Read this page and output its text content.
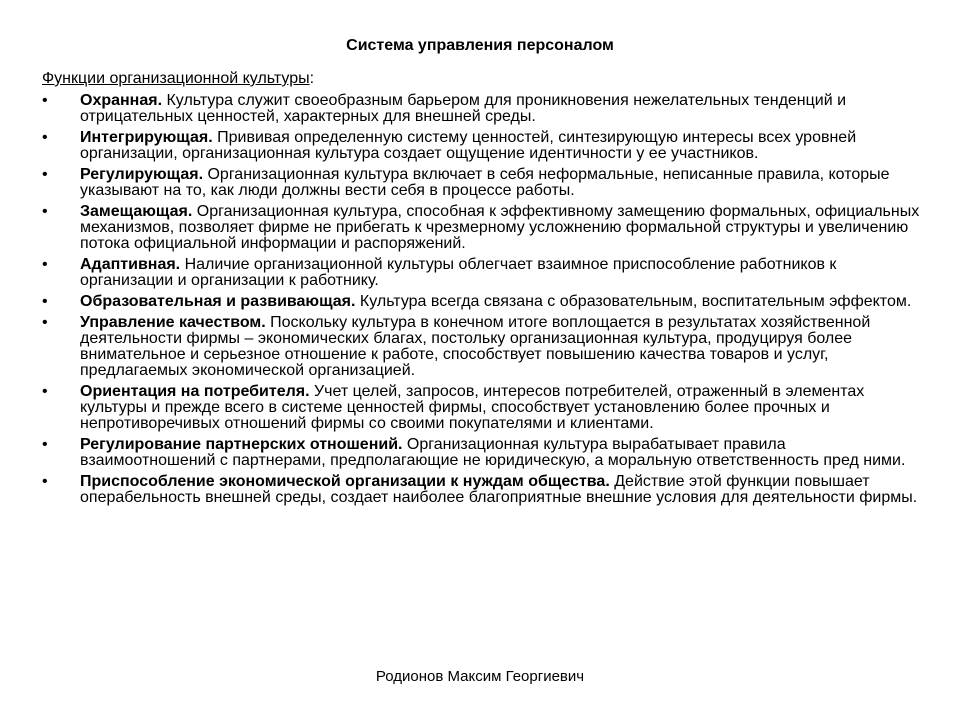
Система управления персоналом
Функции организационной культуры:
• Охранная. Культура служит своеобразным барьером для проникновения нежелательных тенденций и отрицательных ценностей, характерных для внешней среды.
• Интегрирующая. Прививая определенную систему ценностей, синтезирующую интересы всех уровней организации, организационная культура создает ощущение идентичности у ее участников.
• Регулирующая. Организационная культура включает в себя неформальные, неписанные правила, которые указывают на то, как люди должны вести себя в процессе работы.
• Замещающая. Организационная культура, способная к эффективному замещению формальных, официальных механизмов, позволяет фирме не прибегать к чрезмерному усложнению формальной структуры и увеличению потока официальной информации и распоряжений.
• Адаптивная. Наличие организационной культуры облегчает взаимное приспособление работников к организации и организации к работнику.
• Образовательная и развивающая. Культура всегда связана с образовательным, воспитательным эффектом.
• Управление качеством. Поскольку культура в конечном итоге воплощается в результатах хозяйственной деятельности фирмы – экономических благах, постольку организационная культура, продуцируя более внимательное и серьезное отношение к работе, способствует повышению качества товаров и услуг, предлагаемых экономической организацией.
• Ориентация на потребителя. Учет целей, запросов, интересов потребителей, отраженный в элементах культуры и прежде всего в системе ценностей фирмы, способствует установлению более прочных и непротиворечивых отношений фирмы со своими покупателями и клиентами.
• Регулирование партнерских отношений. Организационная культура вырабатывает правила взаимоотношений с партнерами, предполагающие не юридическую, а моральную ответственность пред ними.
• Приспособление экономической организации к нуждам общества. Действие этой функции повышает операбельность внешней среды, создает наиболее благоприятные внешние условия для деятельности фирмы.
Родионов Максим Георгиевич
